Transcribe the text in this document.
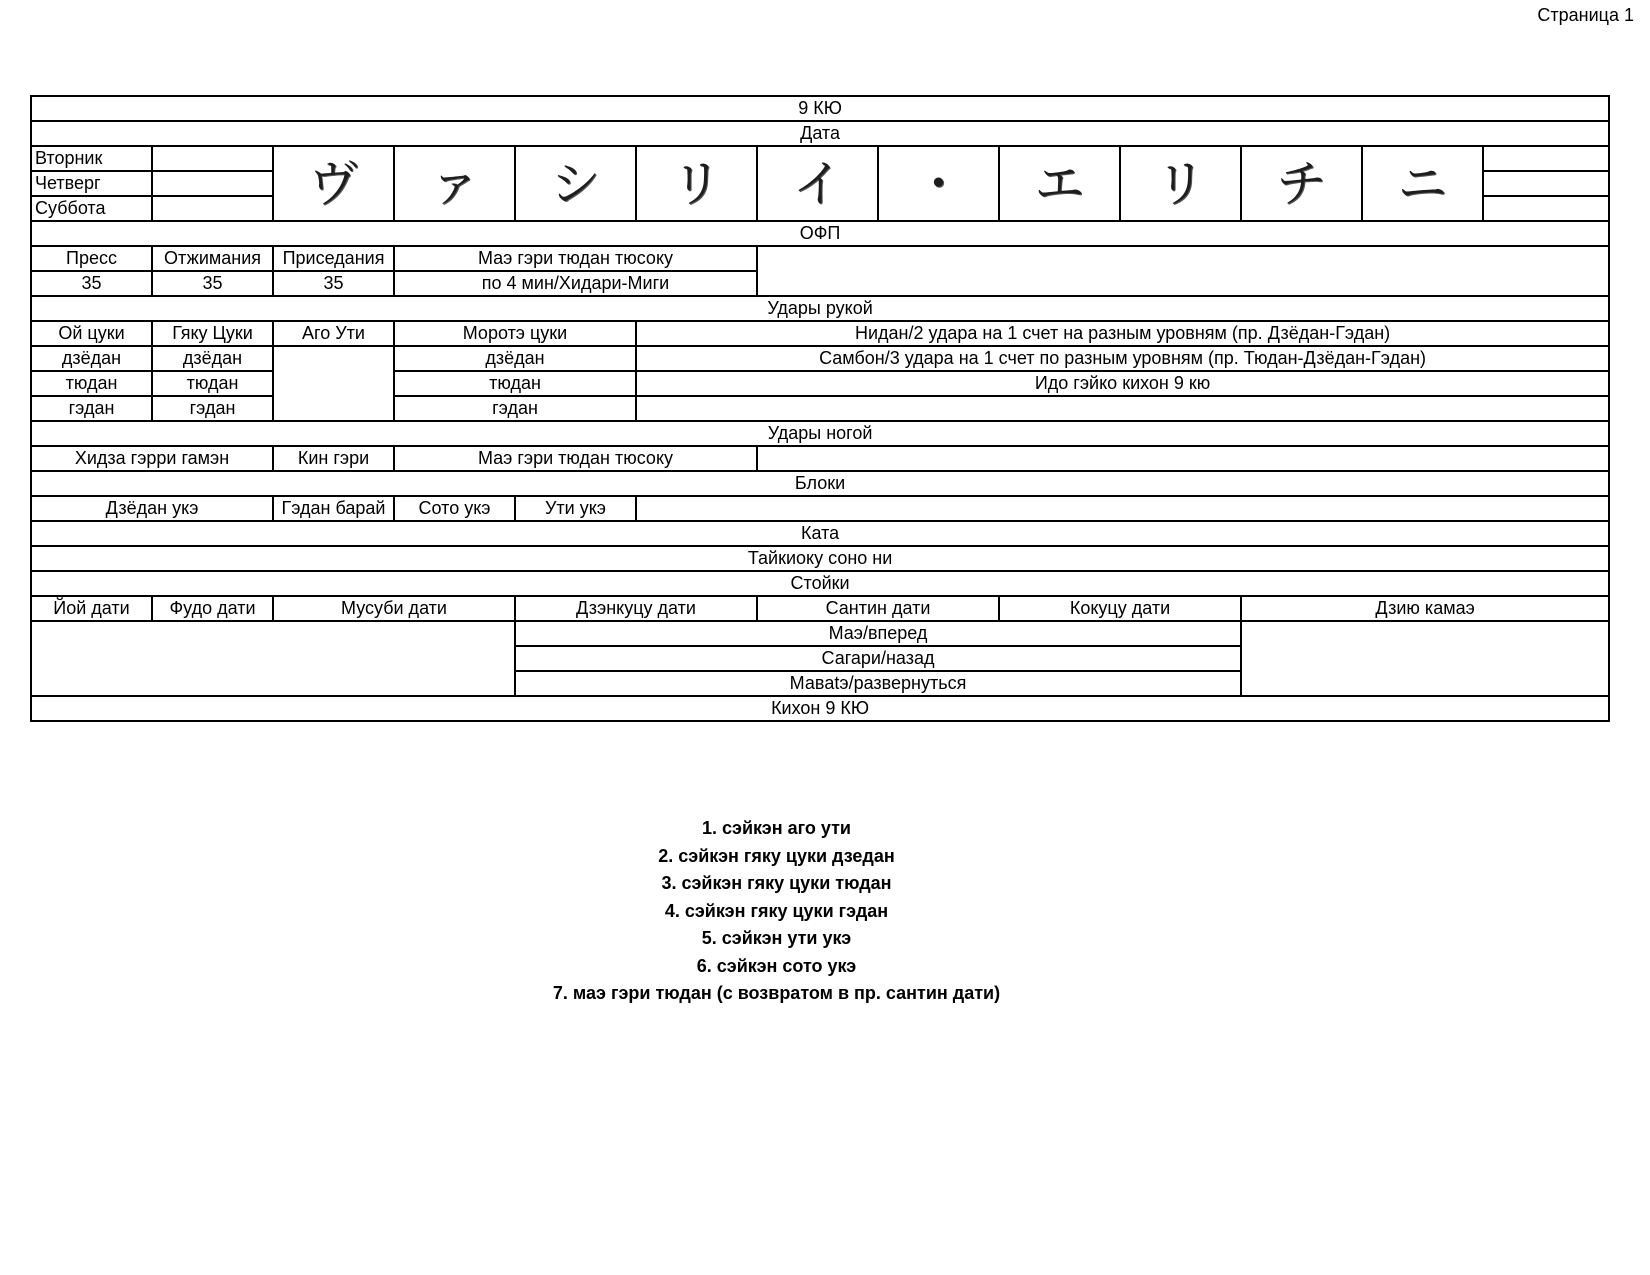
Страница 1
9 КЮ												
Дата												
Вторник		ヴ	ァ	シ	リ	イ	・	エ	リ	チ	ニ	
Четверг												
Суббота												
ОФП												
Пресс	Отжимания	Приседания	Маэ гэри тюдан тюсоку									
35	35	35	по 4 мин/Хидари-Миги									
Удары рукой												
Ой цуки	Гяку Цуки	Аго Ути	Моротэ цуки		Нидан/2 удара на 1 счет на разным уровням (пр. Дзёдан-Гэдан)							
дзёдан	дзёдан		дзёдан		Самбон/3 удара на 1 счет по разным уровням (пр. Тюдан-Дзёдан-Гэдан)							
тюдан	тюдан		тюдан		Идо гэйко кихон 9 кю							
гэдан	гэдан		гэдан									
Удары ногой												
Хидза гэрри гамэн		Кин гэри	Маэ гэри тюдан тюсоку									
Блоки												
Дзёдан укэ		Гэдан барай	Сото укэ	Ути укэ								
Ката												
Тайкиоку соно ни												
Стойки												
Йой дати	Фудо дати	Мусуби дати		Дзэнкуцу дати		Сантин дати		Кокуцу дати		Дзию камаэ		
				Маэ/вперед								
				Сагари/назад								
				Мавatэ/развернуться								
Кихон 9 КЮ												
1. сэйкэн аго ути
2. сэйкэн гяку цуки дзедан
3. сэйкэн гяку цуки тюдан
4. сэйкэн гяку цуки гэдан
5. сэйкэн ути укэ
6. сэйкэн сото укэ
7. маэ гэри тюдан (с возвратом в пр. сантин дати)
